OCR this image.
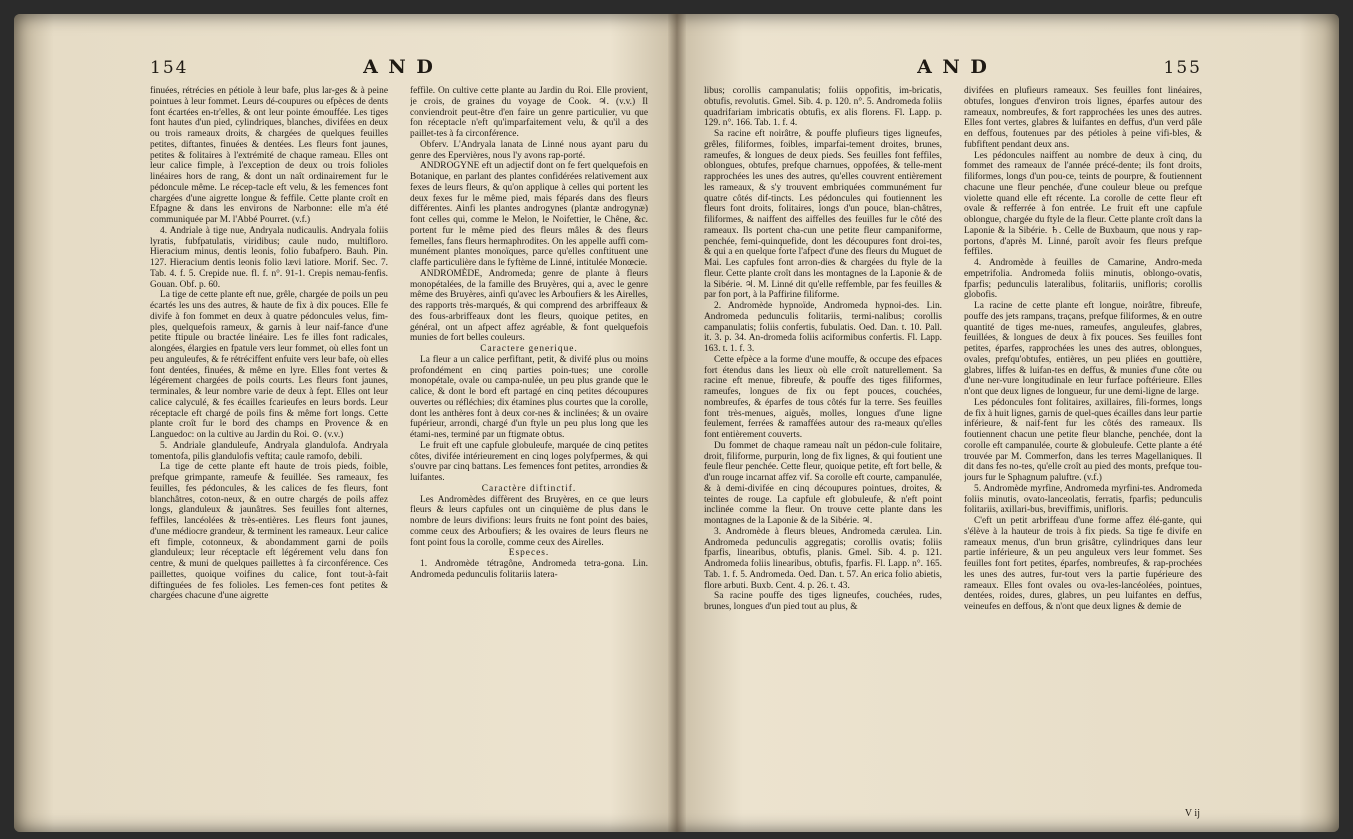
154	A N D

finuées, rétrécies en pétiole à leur bafe, plus lar-ges & à peine pointues à leur fommet. Leurs dé-coupures ou efpèces de dents font écartées en-tr'elles, & ont leur pointe émouffée. Les tiges font hautes d'un pied, cylindriques, blanches, divifées en deux ou trois rameaux droits, & chargées de quelques feuilles petites, diftantes, finuées & dentées. Les fleurs font jaunes, petites & folitaires à l'extrémité de chaque rameau. Elles ont leur calice fimple, à l'exception de deux ou trois folioles linéaires hors de rang, & dont un naît ordinairement fur le pédoncule même. Le récep-tacle eft velu, & les femences font chargées d'une aigrette longue & feffile. Cette plante croît en Efpagne & dans les environs de Narbonne: elle m'a été communiquée par M. l'Abbé Pourret. (v.f.)

4. Andriale à tige nue, Andryala nudicaulis. Andryala foliis lyratis, fubfpatulatis, viridibus; caule nudo, multifloro. Hieracium minus, dentis leonis, folio fubafpero. Bauh. Pin. 127. Hieracium dentis leonis folio lævi latiore. Morif. Sec. 7. Tab. 4. f. 5. Crepide nue. fl. f. n°. 91-1. Crepis nemau-fenfis. Gouan. Obf. p. 60.

La tige de cette plante eft nue, grêle, chargée de poils un peu écartés les uns des autres, & haute de fix à dix pouces. Elle fe divife à fon fommet en deux à quatre pédoncules velus, fim-ples, quelquefois rameux, & garnis à leur naif-fance d'une petite ftipule ou bractée linéaire. Les fe illes font radicales, alongées, élargies en fpatule vers leur fommet, où elles font un peu anguleufes, & fe rétréciffent enfuite vers leur bafe, où elles font dentées, finuées, & même en lyre. Elles font vertes & légérement chargées de poils courts. Les fleurs font jaunes, terminales, & leur nombre varie de deux à fept. Elles ont leur calice calyculé, & fes écailles fcarieufes en leurs bords. Leur réceptacle eft chargé de poils fins & même fort longs. Cette plante croît fur le bord des champs en Provence & en Languedoc: on la cultive au Jardin du Roi. ⊙. (v.v.)

5. Andriale glanduleufe, Andryala glandulofa. Andryala tomentofa, pilis glandulofis veftita; caule ramofo, debili.

La tige de cette plante eft haute de trois pieds, foible, prefque grimpante, rameufe & feuillée. Ses rameaux, fes feuilles, fes pédoncules, & les calices de fes fleurs, font blanchâtres, coton-neux, & en outre chargés de poils affez longs, glanduleux & jaunâtres. Ses feuilles font alternes, feffiles, lancéolées & très-entières. Les fleurs font jaunes, d'une médiocre grandeur, & terminent les rameaux. Leur calice eft fimple, cotonneux, & abondamment garni de poils glanduleux; leur réceptacle eft légérement velu dans fon centre, & muni de quelques paillettes à fa circonférence. Ces paillettes, quoique voifines du calice, font tout-à-fait diftinguées de fes folioles. Les femen-ces font petites & chargées chacune d'une aigrette

feffile. On cultive cette plante au Jardin du Roi. Elle provient, je crois, de graines du voyage de Cook. ♃. (v.v.) Il conviendroit peut-être d'en faire un genre particulier, vu que fon réceptacle n'eft qu'imparfaitement velu, & qu'il a des paillet-tes à fa circonférence.

Obferv. L'Andryala lanata de Linné nous ayant paru du genre des Epervières, nous l'y avons rap-porté.

ANDROGYNE eft un adjectif dont on fe fert quelquefois en Botanique, en parlant des plantes confidérées relativement aux fexes de leurs fleurs, & qu'on applique à celles qui portent les deux fexes fur le même pied, mais féparés dans des fleurs différentes. Ainfi les plantes androgynes (plantæ androgynæ) font celles qui, comme le Melon, le Noifettier, le Chêne, &c. portent fur le même pied des fleurs mâles & des fleurs femelles, fans fleurs hermaphrodites. On les appelle auffi com-munément plantes monoïques, parce qu'elles conftituent une claffe particulière dans le fyftème de Linné, intitulée Monœcie.

ANDROMÈDE, Andromeda; genre de plante à fleurs monopétalées, de la famille des Bruyères, qui a, avec le genre même des Bruyères, ainfi qu'avec les Arboufiers & les Airelles, des rapports très-marqués, & qui comprend des arbriffeaux & des fous-arbriffeaux dont les fleurs, quoique petites, en général, ont un afpect affez agréable, & font quelquefois munies de fort belles couleurs.

Caractere generique.

La fleur a un calice perfiftant, petit, & divifé plus ou moins profondément en cinq parties poin-tues; une corolle monopétale, ovale ou campa-nulée, un peu plus grande que le calice, & dont le bord eft partagé en cinq petites découpures ouvertes ou réfléchies; dix étamines plus courtes que la corolle, dont les anthères font à deux cor-nes & inclinées; & un ovaire fupérieur, arrondi, chargé d'un ftyle un peu plus long que les étami-nes, terminé par un ftigmate obtus.

Le fruit eft une capfule globuleufe, marquée de cinq petites côtes, divifée intérieurement en cinq loges polyfpermes, & qui s'ouvre par cinq battans. Les femences font petites, arrondies & luifantes.

Caractère diftinctif.

Les Andromèdes diffèrent des Bruyères, en ce que leurs fleurs & leurs capfules ont un cinquième de plus dans le nombre de leurs divifions: leurs fruits ne font point des baies, comme ceux des Arboufiers; & les ovaires de leurs fleurs ne font point fous la corolle, comme ceux des Airelles.

Especes.

1. Andromède tétragône, Andromeda tetra-gona. Lin. Andromeda pedunculis folitariis latera-

A N D	155

libus; corollis campanulatis; foliis oppofitis, im-bricatis, obtufis, revolutis. Gmel. Sib. 4. p. 120. n°. 5. Andromeda foliis quadrifariam imbricatis obtufis, ex alis florens. Fl. Lapp. p. 129. n°. 166. Tab. 1. f. 4.

Sa racine eft noirâtre, & pouffe plufieurs tiges ligneufes, grêles, filiformes, foibles, imparfai-tement droites, brunes, rameufes, & longues de deux pieds. Ses feuilles font feffiles, oblongues, obtufes, prefque charnues, oppofées, & telle-ment rapprochées les unes des autres, qu'elles couvrent entièrement les rameaux, & s'y trouvent embriquées communément fur quatre côtés dif-tincts. Les pédoncules qui foutiennent les fleurs font droits, folitaires, longs d'un pouce, blan-châtres, filiformes, & naiffent des aiffelles des feuilles fur le côté des rameaux. Ils portent cha-cun une petite fleur campaniforme, penchée, femi-quinquefide, dont les découpures font droi-tes, & qui a en quelque forte l'afpect d'une des fleurs du Muguet de Mai. Les capfules font arron-dies & chargées du ftyle de la fleur. Cette plante croît dans les montagnes de la Laponie & de la Sibérie. ♃. M. Linné dit qu'elle reffemble, par fes feuilles & par fon port, à la Paffirine filiforme.

2. Andromède hypnoïde, Andromeda hypnoi-des. Lin. Andromeda pedunculis folitariis, termi-nalibus; corollis campanulatis; foliis confertis, fubulatis. Oed. Dan. t. 10. Pall. it. 3. p. 34. An-dromeda foliis aciformibus confertis. Fl. Lapp. 163. t. 1. f. 3.

Cette efpèce a la forme d'une mouffe, & occupe des efpaces fort étendus dans les lieux où elle croît naturellement. Sa racine eft menue, fibreufe, & pouffe des tiges filiformes, rameufes, longues de fix ou fept pouces, couchées, nombreufes, & éparfes de tous côtés fur la terre. Ses feuilles font très-menues, aiguës, molles, longues d'une ligne feulement, ferrées & ramaffées autour des ra-meaux qu'elles font entièrement couverts.

Du fommet de chaque rameau naît un pédon-cule folitaire, droit, filiforme, purpurin, long de fix lignes, & qui foutient une feule fleur penchée. Cette fleur, quoique petite, eft fort belle, & d'un rouge incarnat affez vif. Sa corolle eft courte, campanulée, & à demi-divifée en cinq découpures pointues, droites, & teintes de rouge. La capfule eft globuleufe, & n'eft point inclinée comme la fleur. On trouve cette plante dans les montagnes de la Laponie & de la Sibérie. ♃.

3. Andromède à fleurs bleues, Andromeda cærulea. Lin. Andromeda pedunculis aggregatis; corollis ovatis; foliis fparfis, linearibus, obtufis, planis. Gmel. Sib. 4. p. 121. Andromeda foliis linearibus, obtufis, fparfis. Fl. Lapp. n°. 165. Tab. 1. f. 5. Andromeda. Oed. Dan. t. 57. An erica folio abietis, flore arbuti. Buxb. Cent. 4. p. 26. t. 43.

Sa racine pouffe des tiges ligneufes, couchées, rudes, brunes, longues d'un pied tout au plus, &

divifées en plufieurs rameaux. Ses feuilles font linéaires, obtufes, longues d'environ trois lignes, éparfes autour des rameaux, nombreufes, & fort rapprochées les unes des autres. Elles font vertes, glabres & luifantes en deffus, d'un verd pâle en deffous, foutenues par des pétioles à peine vifi-bles, & fubfiftent pendant deux ans.

Les pédoncules naiffent au nombre de deux à cinq, du fommet des rameaux de l'année précé-dente; ils font droits, filiformes, longs d'un pou-ce, teints de pourpre, & foutiennent chacune une fleur penchée, d'une couleur bleue ou prefque violette quand elle eft récente. La corolle de cette fleur eft ovale & refferrée à fon entrée. Le fruit eft une capfule oblongue, chargée du ftyle de la fleur. Cette plante croît dans la Laponie & la Sibérie. ♄. Celle de Buxbaum, que nous y rap-portons, d'après M. Linné, paroît avoir fes fleurs prefque feffiles.

4. Andromède à feuilles de Camarine, Andro-meda empetrifolia. Andromeda foliis minutis, oblongo-ovatis, fparfis; pedunculis lateralibus, folitariis, unifloris; corollis globofis.

La racine de cette plante eft longue, noirâtre, fibreufe, pouffe des jets rampans, traçans, prefque filiformes, & en outre quantité de tiges me-nues, rameufes, anguleufes, glabres, feuillées, & longues de deux à fix pouces. Ses feuilles font petites, éparfes, rapprochées les unes des autres, oblongues, ovales, prefqu'obtufes, entières, un peu pliées en gouttière, glabres, liffes & luifan-tes en deffus, & munies d'une côte ou d'une ner-vure longitudinale en leur furface poftérieure. Elles n'ont que deux lignes de longueur, fur une demi-ligne de large.

Les pédoncules font folitaires, axillaires, fili-formes, longs de fix à huit lignes, garnis de quel-ques écailles dans leur partie inférieure, & naif-fent fur les côtés des rameaux. Ils foutiennent chacun une petite fleur blanche, penchée, dont la corolle eft campanulée, courte & globuleufe. Cette plante a été trouvée par M. Commerfon, dans les terres Magellaniques. Il dit dans fes no-tes, qu'elle croît au pied des monts, prefque tou-jours fur le Sphagnum paluftre. (v.f.)

5. Andromède myrfine, Andromeda myrfini-tes. Andromeda foliis minutis, ovato-lanceolatis, ferratis, fparfis; pedunculis folitariis, axillari-bus, breviffimis, unifloris.

C'eft un petit arbriffeau d'une forme affez élé-gante, qui s'élève à la hauteur de trois à fix pieds. Sa tige fe divife en rameaux menus, d'un brun grisâtre, cylindriques dans leur partie inférieure, & un peu anguleux vers leur fommet. Ses feuilles font fort petites, éparfes, nombreufes, & rap-prochées les unes des autres, fur-tout vers la partie fupérieure des rameaux. Elles font ovales ou ova-les-lancéolées, pointues, dentées, roides, dures, glabres, un peu luifantes en deffus, veineufes en deffous, & n'ont que deux lignes & demie de

V ij
